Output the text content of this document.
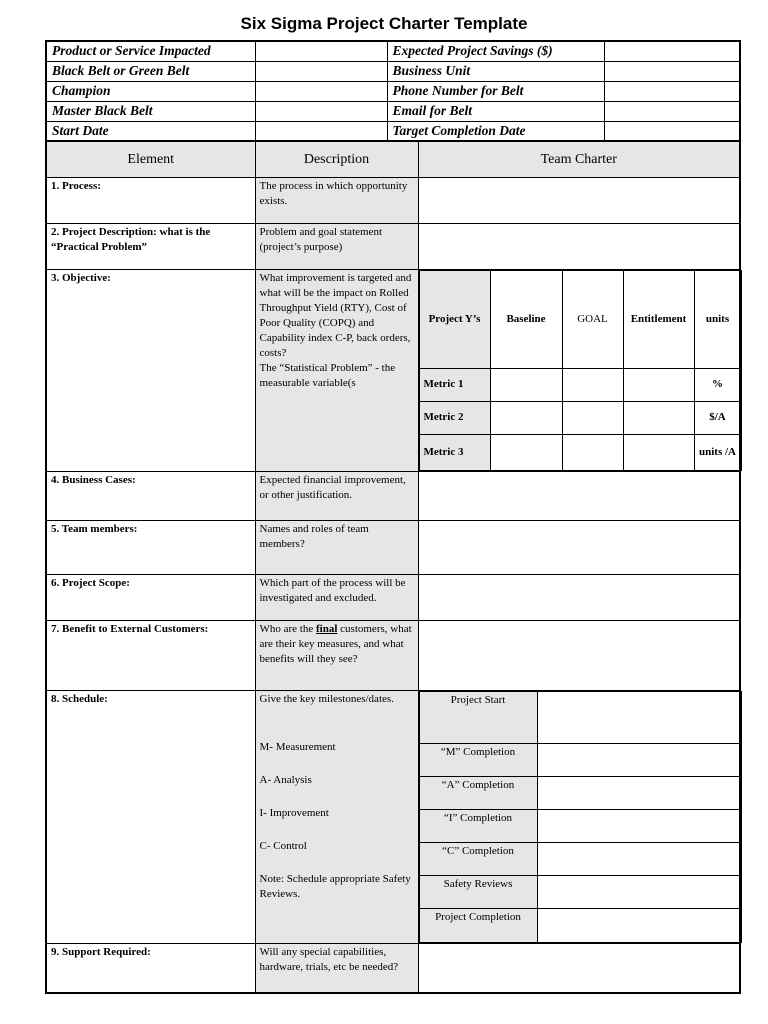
Six Sigma Project Charter Template
Product or Service Impacted		Expected Project Savings ($)	
Black Belt or Green Belt		Business Unit	
Champion		Phone Number for Belt	
Master Black Belt		Email for Belt	
Start Date		Target Completion Date	
Element	Description	Team Charter
1. Process:	The process in which opportunity exists.	
2. Project Description: what is the “Practical Problem”	Problem and goal statement (project’s purpose)	
3. Objective:	What improvement is targeted and what will be the impact on Rolled Throughput Yield (RTY), Cost of Poor Quality (COPQ) and Capability index C-P, back orders, costs?
The “Statistical Problem” - the measurable variable(s

Project Y’s	Baseline	GOAL	Entitlement	units
Metric 1				%
Metric 2				$/A
Metric 3				units /A

4. Business Cases:	Expected financial improvement, or other justification.	
5. Team members:	Names and roles of team members?	
6. Project Scope:	Which part of the process will be investigated and excluded.	
7. Benefit to External Customers:	Who are the final customers, what are their key measures, and what benefits will they see?	
8. Schedule:	Give the key milestones/dates.
M- Measurement
A- Analysis
I- Improvement
C- Control
Note: Schedule appropriate Safety Reviews.

Project Start	
“M” Completion	
“A” Completion	
“I” Completion	
“C” Completion	
Safety Reviews	
Project Completion	

9. Support Required:	Will any special capabilities, hardware, trials, etc be needed?	
